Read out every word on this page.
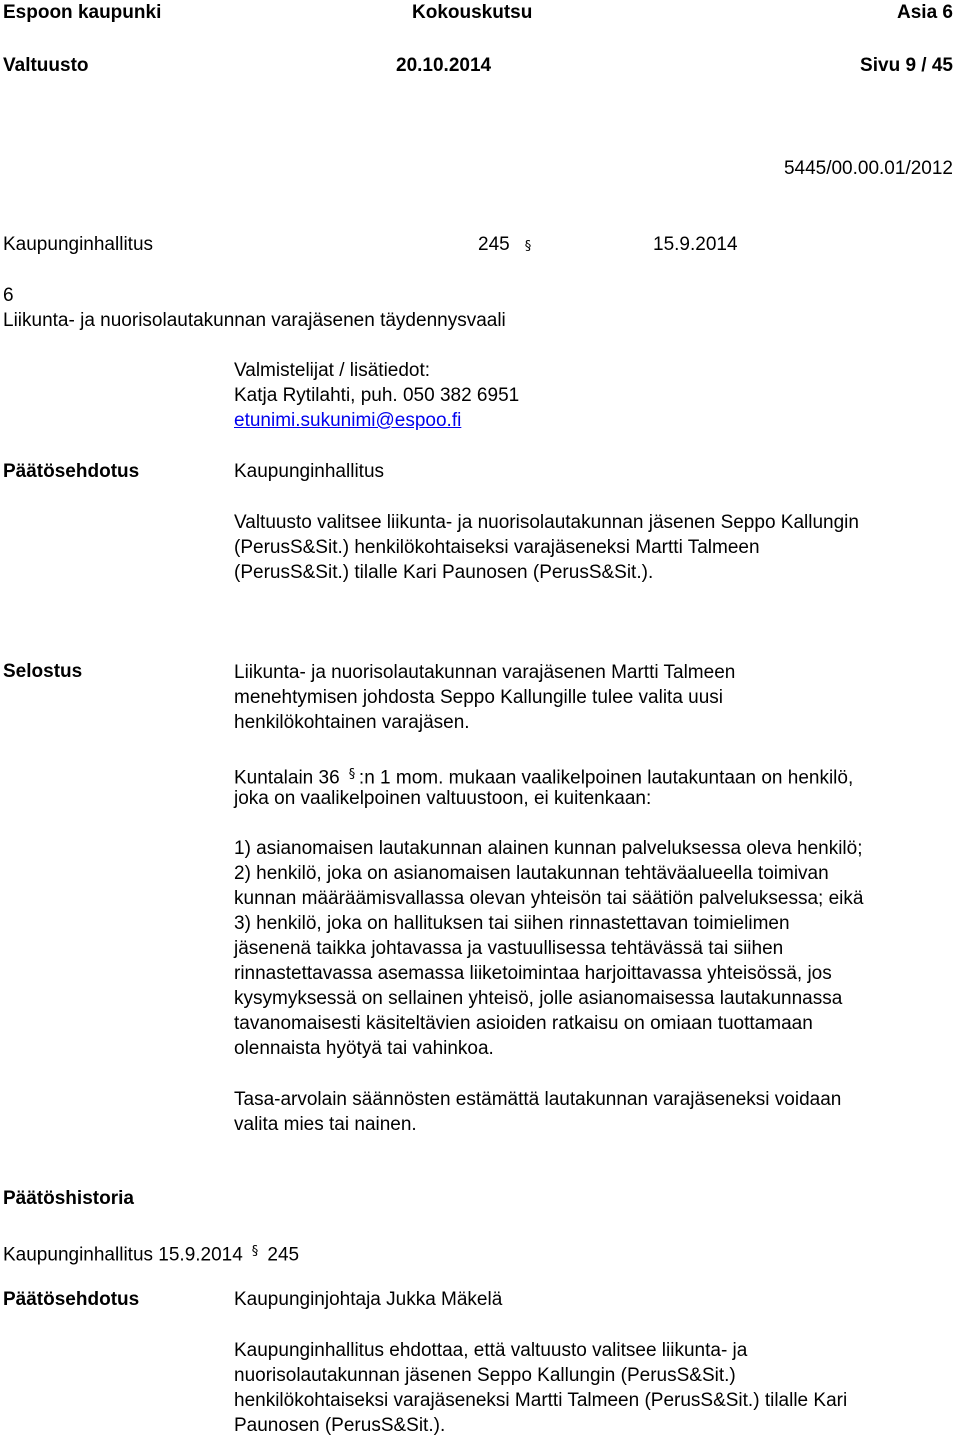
Espoon kaupunki	Kokouskutsu	Asia 6
Valtuusto	20.10.2014	Sivu 9 / 45
5445/00.00.01/2012
Kaupunginhallitus	245 §	15.9.2014
6
Liikunta- ja nuorisolautakunnan varajäsenen täydennysvaali
Valmistelijat / lisätiedot:
Katja Rytilahti, puh. 050 382 6951
etunimi.sukunimi@espoo.fi
Päätösehdotus	Kaupunginhallitus
Valtuusto valitsee liikunta- ja nuorisolautakunnan jäsenen Seppo Kallungin
(PerusS&Sit.) henkilökohtaiseksi varajäseneksi Martti Talmeen
(PerusS&Sit.) tilalle Kari Paunosen (PerusS&Sit.).
Selostus	Liikunta- ja nuorisolautakunnan varajäsenen Martti Talmeen
menehtymisen johdosta Seppo Kallungille tulee valita uusi
henkilökohtainen varajäsen.
Kuntalain 36 § :n 1 mom. mukaan vaalikelpoinen lautakuntaan on henkilö,
joka on vaalikelpoinen valtuustoon, ei kuitenkaan:
1) asianomaisen lautakunnan alainen kunnan palveluksessa oleva henkilö;
2) henkilö, joka on asianomaisen lautakunnan tehtäväalueella toimivan
kunnan määräämisvallassa olevan yhteisön tai säätiön palveluksessa; eikä
3) henkilö, joka on hallituksen tai siihen rinnastettavan toimielimen
jäsenenä taikka johtavassa ja vastuullisessa tehtävässä tai siihen
rinnastettavassa asemassa liiketoimintaa harjoittavassa yhteisössä, jos
kysymyksessä on sellainen yhteisö, jolle asianomaisessa lautakunnassa
tavanomaisesti käsiteltävien asioiden ratkaisu on omiaan tuottamaan
olennaista hyötyä tai vahinkoa.
Tasa-arvolain säännösten estämättä lautakunnan varajäseneksi voidaan
valita mies tai nainen.
Päätöshistoria
Kaupunginhallitus 15.9.2014 § 245
Päätösehdotus	Kaupunginjohtaja Jukka Mäkelä
Kaupunginhallitus ehdottaa, että valtuusto valitsee liikunta- ja
nuorisolautakunnan jäsenen Seppo Kallungin (PerusS&Sit.)
henkilökohtaiseksi varajäseneksi Martti Talmeen (PerusS&Sit.) tilalle Kari
Paunosen (PerusS&Sit.).
